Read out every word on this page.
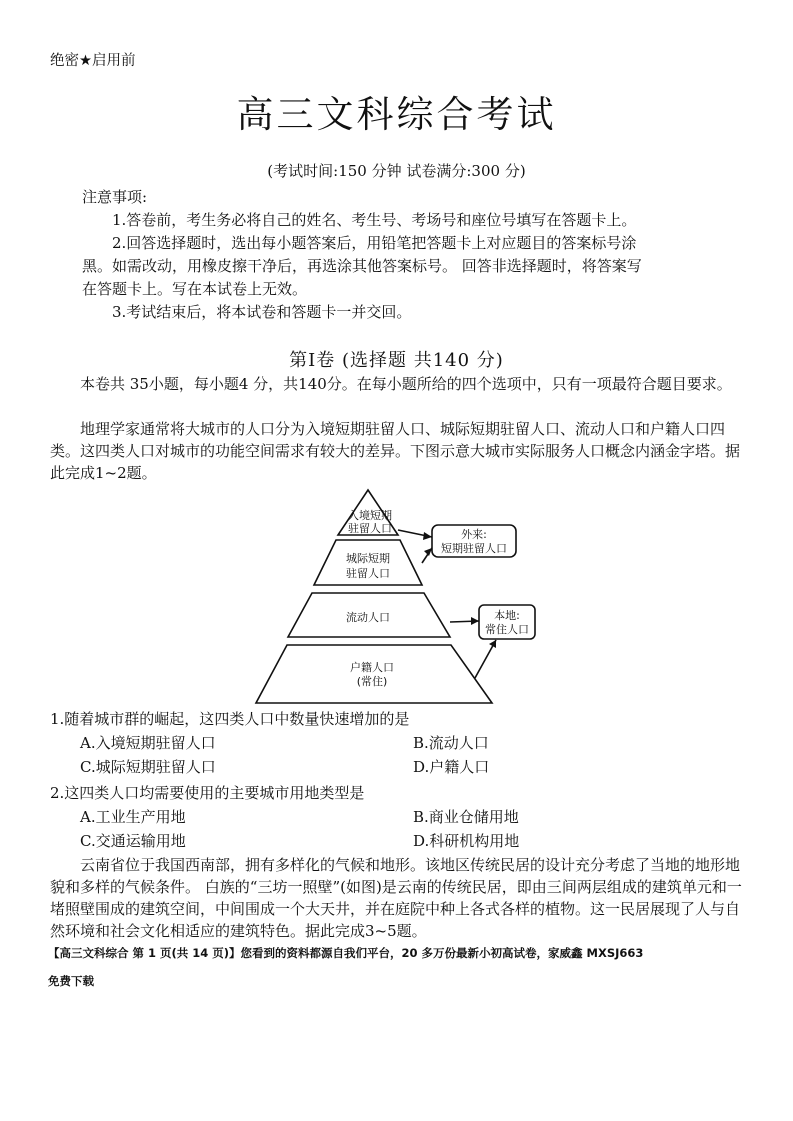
绝密★启用前
高三文科综合考试
(考试时间:150 分钟 试卷满分:300 分)
注意事项:
1.答卷前，考生务必将自己的姓名、考生号、考场号和座位号填写在答题卡上。
2.回答选择题时，选出每小题答案后，用铅笔把答题卡上对应题目的答案标号涂
黑。如需改动，用橡皮擦干净后，再选涂其他答案标号。 回答非选择题时，将答案写
在答题卡上。写在本试卷上无效。
3.考试结束后，将本试卷和答题卡一并交回。
第Ⅰ卷 (选择题 共140 分)
本卷共 35小题，每小题4 分，共140分。在每小题所给的四个选项中，只有一项最符合题目要求。
地理学家通常将大城市的人口分为入境短期驻留人口、城际短期驻留人口、流动人口和户籍人口四类。这四类人口对城市的功能空间需求有较大的差异。下图示意大城市实际服务人口概念内涵金字塔。据此完成1~2题。
入境短期
驻留人口
城际短期
驻留人口
流动人口
户籍人口
(常住)
外来:
短期驻留人口
本地:
常住人口
1.随着城市群的崛起，这四类人口中数量快速增加的是
A.入境短期驻留人口	B.流动人口
C.城际短期驻留人口	D.户籍人口
2.这四类人口均需要使用的主要城市用地类型是
A.工业生产用地	B.商业仓储用地
C.交通运输用地	D.科研机构用地
云南省位于我国西南部，拥有多样化的气候和地形。该地区传统民居的设计充分考虑了当地的地形地貌和多样的气候条件。 白族的“三坊一照壁”(如图)是云南的传统民居，即由三间两层组成的建筑单元和一堵照壁围成的建筑空间，中间围成一个大天井，并在庭院中种上各式各样的植物。这一民居展现了人与自然环境和社会文化相适应的建筑特色。据此完成3~5题。
【高三文科综合 第 1 页(共 14 页)】您看到的资料都源自我们平台，20 多万份最新小初高试卷，家威鑫 MXSJ663
免费下载
